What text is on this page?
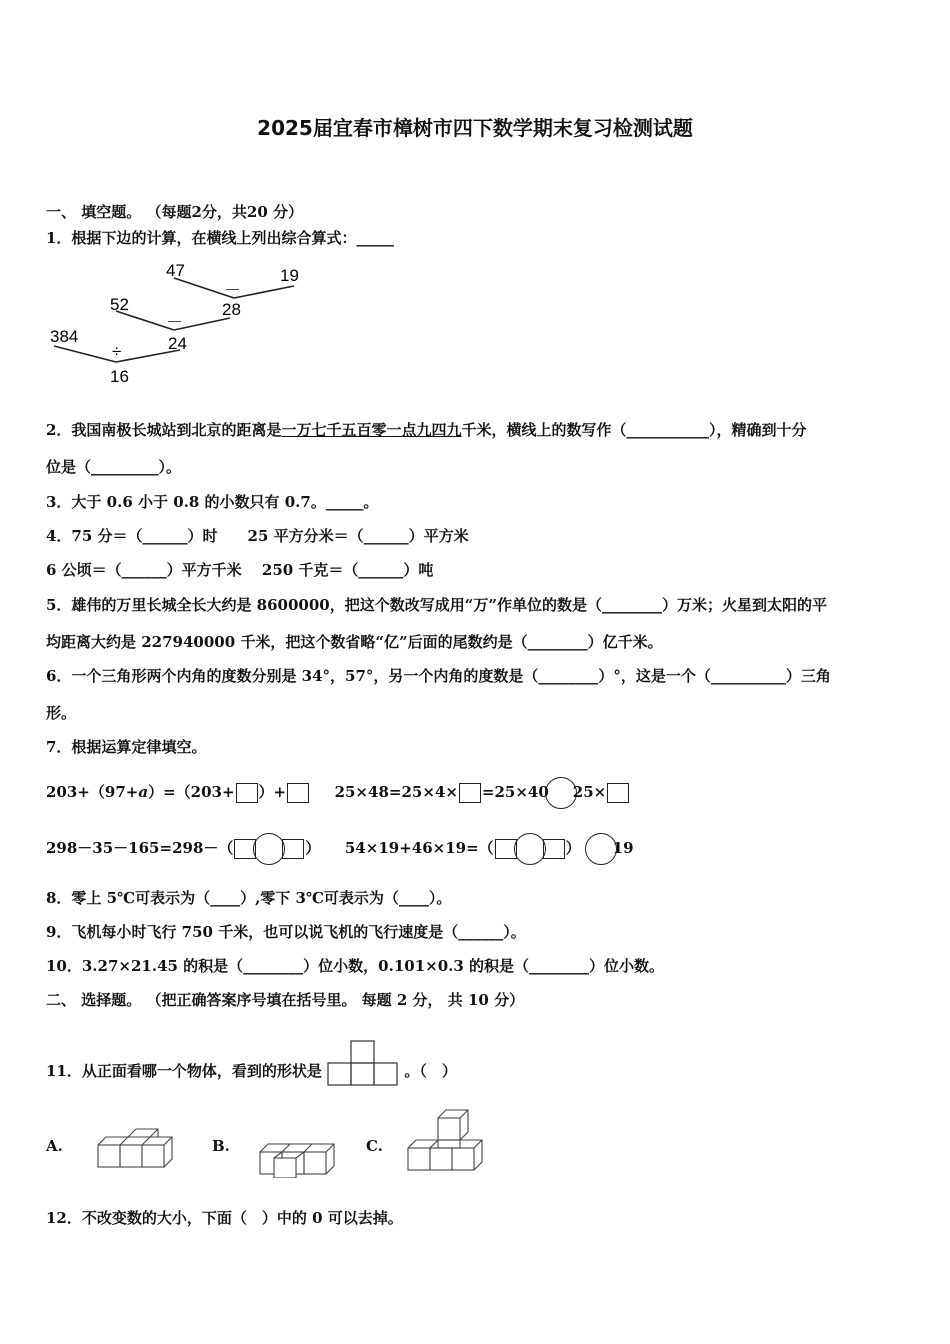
2025届宜春市樟树市四下数学期末复习检测试题
一、 填空题。 （每题2分，共20 分）
1．根据下边的计算，在横线上列出综合算式：_____
47	19
－
28
52
－
24
384
÷
16
2．我国南极长城站到北京的距离是一万七千五百零一点九四九千米，横线上的数写作（___________），精确到十分
位是（_________）。
3．大于 0.6 小于 0.8 的小数只有 0.7。_____。
4．75 分＝（______）时　　25 平方分米＝（______）平方米
6 公顷＝（______）平方千米　 250 千克＝（______）吨
5．雄伟的万里长城全长大约是 8600000，把这个数改写成用“万”作单位的数是（________）万米；火星到太阳的平
均距离大约是 227940000 千米，把这个数省略“亿”后面的尾数约是（________）亿千米。
6．一个三角形两个内角的度数分别是 34°，57°，另一个内角的度数是（________）°，这是一个（__________）三角
形。
7．根据运算定律填空。
203+（97+a）=（203+ ）+	25×48=25×4× =25×40 25×
298－35－165=298－（	） 54×19+46×19=（	） 19
8．零上 5℃可表示为（____）,零下 3℃可表示为（____）。
9．飞机每小时飞行 750 千米，也可以说飞机的飞行速度是（______）。
10．3.27×21.45 的积是（________）位小数，0.101×0.3 的积是（________）位小数。
二、 选择题。 （把正确答案序号填在括号里。 每题 2 分， 共 10 分）
11．从正面看哪一个物体，看到的形状是	。（　）
A.	B.	C.
12．不改变数的大小，下面（　）中的 0 可以去掉。
